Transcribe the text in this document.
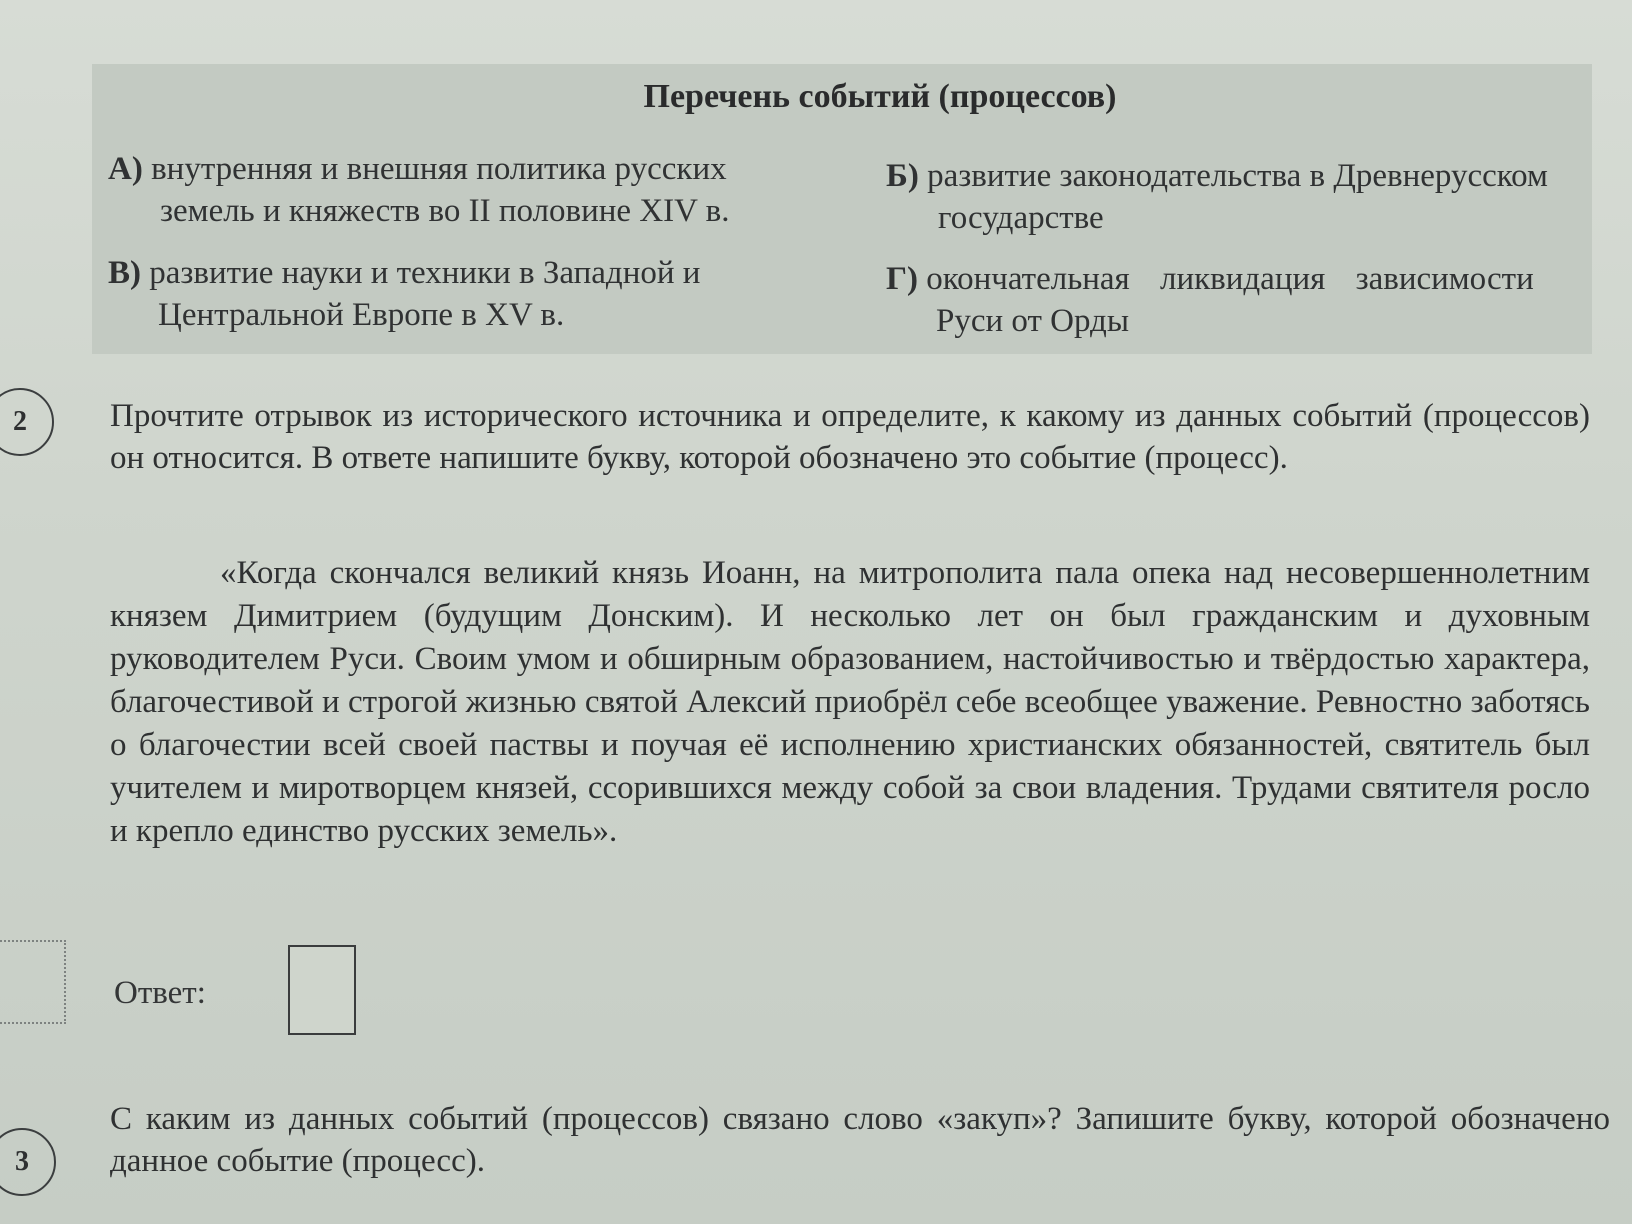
Перечень событий (процессов)
А) внутренняя и внешняя политика русских
земель и княжеств во II половине XIV в.
Б) развитие законодательства в Древнерусском
государстве
В) развитие науки и техники в Западной и
Центральной Европе в XV в.
Г) окончательная ликвидация зависимости
Руси от Орды
2	Прочтите отрывок из исторического источника и определите, к какому из данных событий (процессов) он относится. В ответе напишите букву, которой обозначено это событие (процесс).
«Когда скончался великий князь Иоанн, на митрополита пала опека над несовершеннолетним князем Димитрием (будущим Донским). И несколько лет он был гражданским и духовным руководителем Руси. Своим умом и обширным образованием, настойчивостью и твёрдостью характера, благочестивой и строгой жизнью святой Алексий приобрёл себе всеобщее уважение. Ревностно заботясь о благочестии всей своей паствы и поучая её исполнению христианских обязанностей, святитель был учителем и миротворцем князей, ссорившихся между собой за свои владения. Трудами святителя росло и крепло единство русских земель».
Ответ:
3
С каким из данных событий (процессов) связано слово «закуп»? Запишите букву, которой обозначено данное событие (процесс).
